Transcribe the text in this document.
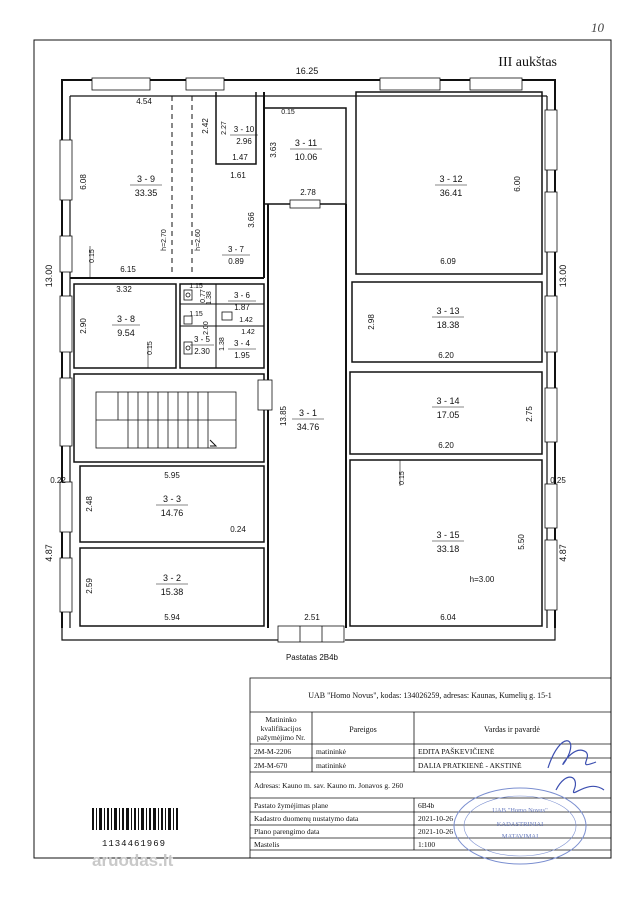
10
III aukštas
16.25
13.00	13.00
4.87	4.87
0.22	0.25
3 - 9
33.35
3 - 10
2.96	3 - 11
10.06
3 - 12
36.41
3 - 7
0.89
3 - 6
1.87
3 - 8
9.54
3 - 5
2.30
3 - 4
1.95
3 - 13
18.38
3 - 1
34.76
3 - 14
17.05
3 - 3
14.76
3 - 15
33.18
3 - 2
15.38
4.54
6.08
6.15
0.15
h=2.70	h=2.60
2.42
1.61
2.27
1.47
0.15
3.63
2.78
3.66
6.00
6.09
3.32
2.90
0.15
1.38
0.77
1.15
1.42
1.15
2.00
1.38
1.42
2.98
6.20
2.75
6.20
13.85
5.95
2.48
0.24
2.59
5.94	2.51
0.15
5.50
h=3.00
6.04
Pastatas 2B4b
UAB "Homo Novus", kodas: 134026259, adresas: Kaunas, Kumelių g. 15-1
Matininko kvalifikacijos pažymėjimo Nr.
Pareigos	Vardas ir pavardė
2M-M-2206	matininkė	EDITA PAŠKEVIČIENĖ
2M-M-670	matininkė	DALIA PRATKIENĖ - AKSTINĖ
Adresas: Kauno m. sav. Kauno m. Jonavos g. 260
Pastato žymėjimas plane	6B4b
Kadastro duomenų nustatymo data	2021-10-26
Plano parengimo data	2021-10-26
Mastelis	1:100
UAB "Homo Novus"
KADASTRINIAI
MATAVIMAI
1134461969
aruodas.lt
